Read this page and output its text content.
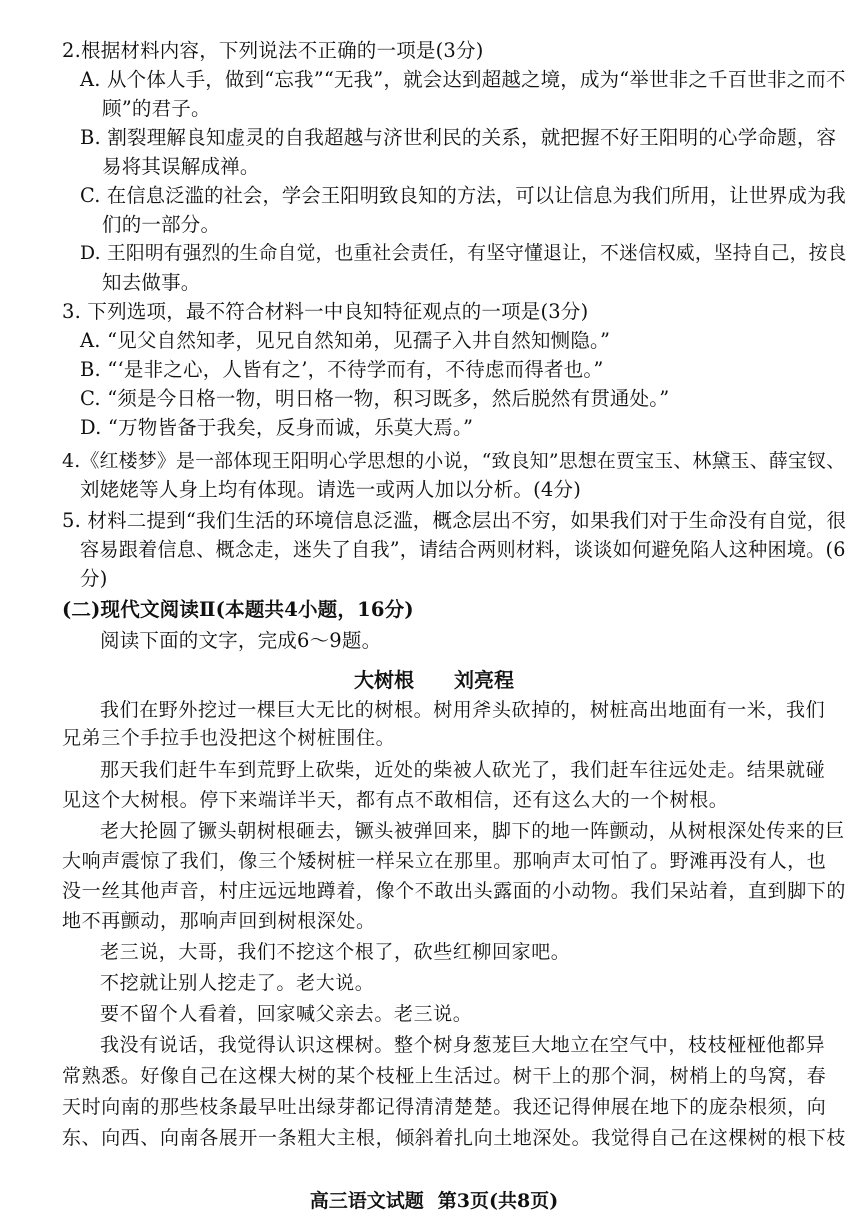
2.根据材料内容，下列说法不正确的一项是(3分)
A. 从个体人手，做到“忘我”“无我”，就会达到超越之境，成为“举世非之千百世非之而不
顾”的君子。
B. 割裂理解良知虚灵的自我超越与济世利民的关系，就把握不好王阳明的心学命题，容
易将其误解成禅。
C. 在信息泛滥的社会，学会王阳明致良知的方法，可以让信息为我们所用，让世界成为我
们的一部分。
D. 王阳明有强烈的生命自觉，也重社会责任，有坚守懂退让，不迷信权威，坚持自己，按良
知去做事。
3. 下列选项，最不符合材料一中良知特征观点的一项是(3分)
A. “见父自然知孝，见兄自然知弟，见孺子入井自然知恻隐。”
B. “‘是非之心，人皆有之’，不待学而有，不待虑而得者也。”
C. “须是今日格一物，明日格一物，积习既多，然后脱然有贯通处。”
D. “万物皆备于我矣，反身而诚，乐莫大焉。”
4.《红楼梦》是一部体现王阳明心学思想的小说，“致良知”思想在贾宝玉、林黛玉、薛宝钗、
刘姥姥等人身上均有体现。请选一或两人加以分析。(4分)
5. 材料二提到“我们生活的环境信息泛滥，概念层出不穷，如果我们对于生命没有自觉，很
容易跟着信息、概念走，迷失了自我”，请结合两则材料，谈谈如何避免陷人这种困境。(6
分)
(二)现代文阅读Ⅱ(本题共4小题，16分)
阅读下面的文字，完成6～9题。
大树根 刘亮程
我们在野外挖过一棵巨大无比的树根。树用斧头砍掉的，树桩高出地面有一米，我们
兄弟三个手拉手也没把这个树桩围住。
那天我们赶牛车到荒野上砍柴，近处的柴被人砍光了，我们赶车往远处走。结果就碰
见这个大树根。停下来端详半天，都有点不敢相信，还有这么大的一个树根。
老大抡圆了镢头朝树根砸去，镢头被弹回来，脚下的地一阵颤动，从树根深处传来的巨
大响声震惊了我们，像三个矮树桩一样呆立在那里。那响声太可怕了。野滩再没有人，也
没一丝其他声音，村庄远远地蹲着，像个不敢出头露面的小动物。我们呆站着，直到脚下的
地不再颤动，那响声回到树根深处。
老三说，大哥，我们不挖这个根了，砍些红柳回家吧。
不挖就让别人挖走了。老大说。
要不留个人看着，回家喊父亲去。老三说。
我没有说话，我觉得认识这棵树。整个树身葱茏巨大地立在空气中，枝枝桠桠他都异
常熟悉。好像自己在这棵大树的某个枝桠上生活过。树干上的那个洞，树梢上的鸟窝，春
天时向南的那些枝条最早吐出绿芽都记得清清楚楚。我还记得伸展在地下的庞杂根须，向
东、向西、向南各展开一条粗大主根，倾斜着扎向土地深处。我觉得自己在这棵树的根下枝
高三语文试题 第3页(共8页)
